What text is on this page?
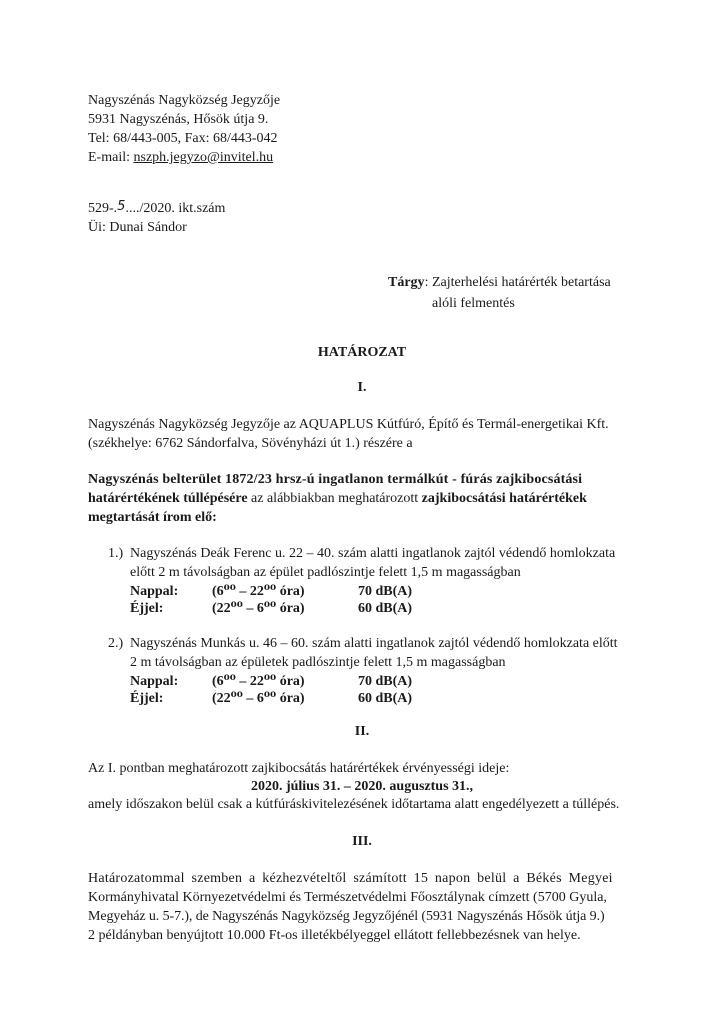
Nagyszénás Nagyközség Jegyzője
5931 Nagyszénás, Hősök útja 9.
Tel: 68/443-005, Fax: 68/443-042
E-mail: nszph.jegyzo@invitel.hu
529-.5..../2020. ikt.szám
Üi: Dunai Sándor
Tárgy: Zajterhelési határérték betartása
alóli felmentés
HATÁROZAT
I.
Nagyszénás Nagyközség Jegyzője az AQUAPLUS Kútfúró, Építő és Termál-energetikai Kft.
(székhelye: 6762 Sándorfalva, Sövényházi út 1.) részére a
Nagyszénás belterület 1872/23 hrsz-ú ingatlanon termálkút - fúrás zajkibocsátási
határértékének túllépésére az alábbiakban meghatározott zajkibocsátási határértékek
megtartását írom elő:
1.) Nagyszénás Deák Ferenc u. 22 – 40. szám alatti ingatlanok zajtól védendő homlokzata
előtt 2 m távolságban az épület padlószintje felett 1,5 m magasságban
Nappal: (6⁰⁰ – 22⁰⁰ óra)	70 dB(A)
Éjjel:	(22⁰⁰ – 6⁰⁰ óra)	60 dB(A)
2.) Nagyszénás Munkás u. 46 – 60. szám alatti ingatlanok zajtól védendő homlokzata előtt
2 m távolságban az épületek padlószintje felett 1,5 m magasságban
Nappal: (6⁰⁰ – 22⁰⁰ óra)	70 dB(A)
Éjjel:	(22⁰⁰ – 6⁰⁰ óra)	60 dB(A)
II.
Az I. pontban meghatározott zajkibocsátás határértékek érvényességi ideje:
2020. július 31. – 2020. augusztus 31.,
amely időszakon belül csak a kútfúráskivitelezésének időtartama alatt engedélyezett a túllépés.
III.
Határozatommal szemben a kézhezvételtől számított 15 napon belül a Békés Megyei
Kormányhivatal Környezetvédelmi és Természetvédelmi Főosztálynak címzett (5700 Gyula,
Megyeház u. 5-7.), de Nagyszénás Nagyközség Jegyzőjénél (5931 Nagyszénás Hősök útja 9.)
2 példányban benyújtott 10.000 Ft-os illetékbélyeggel ellátott fellebbezésnek van helye.
